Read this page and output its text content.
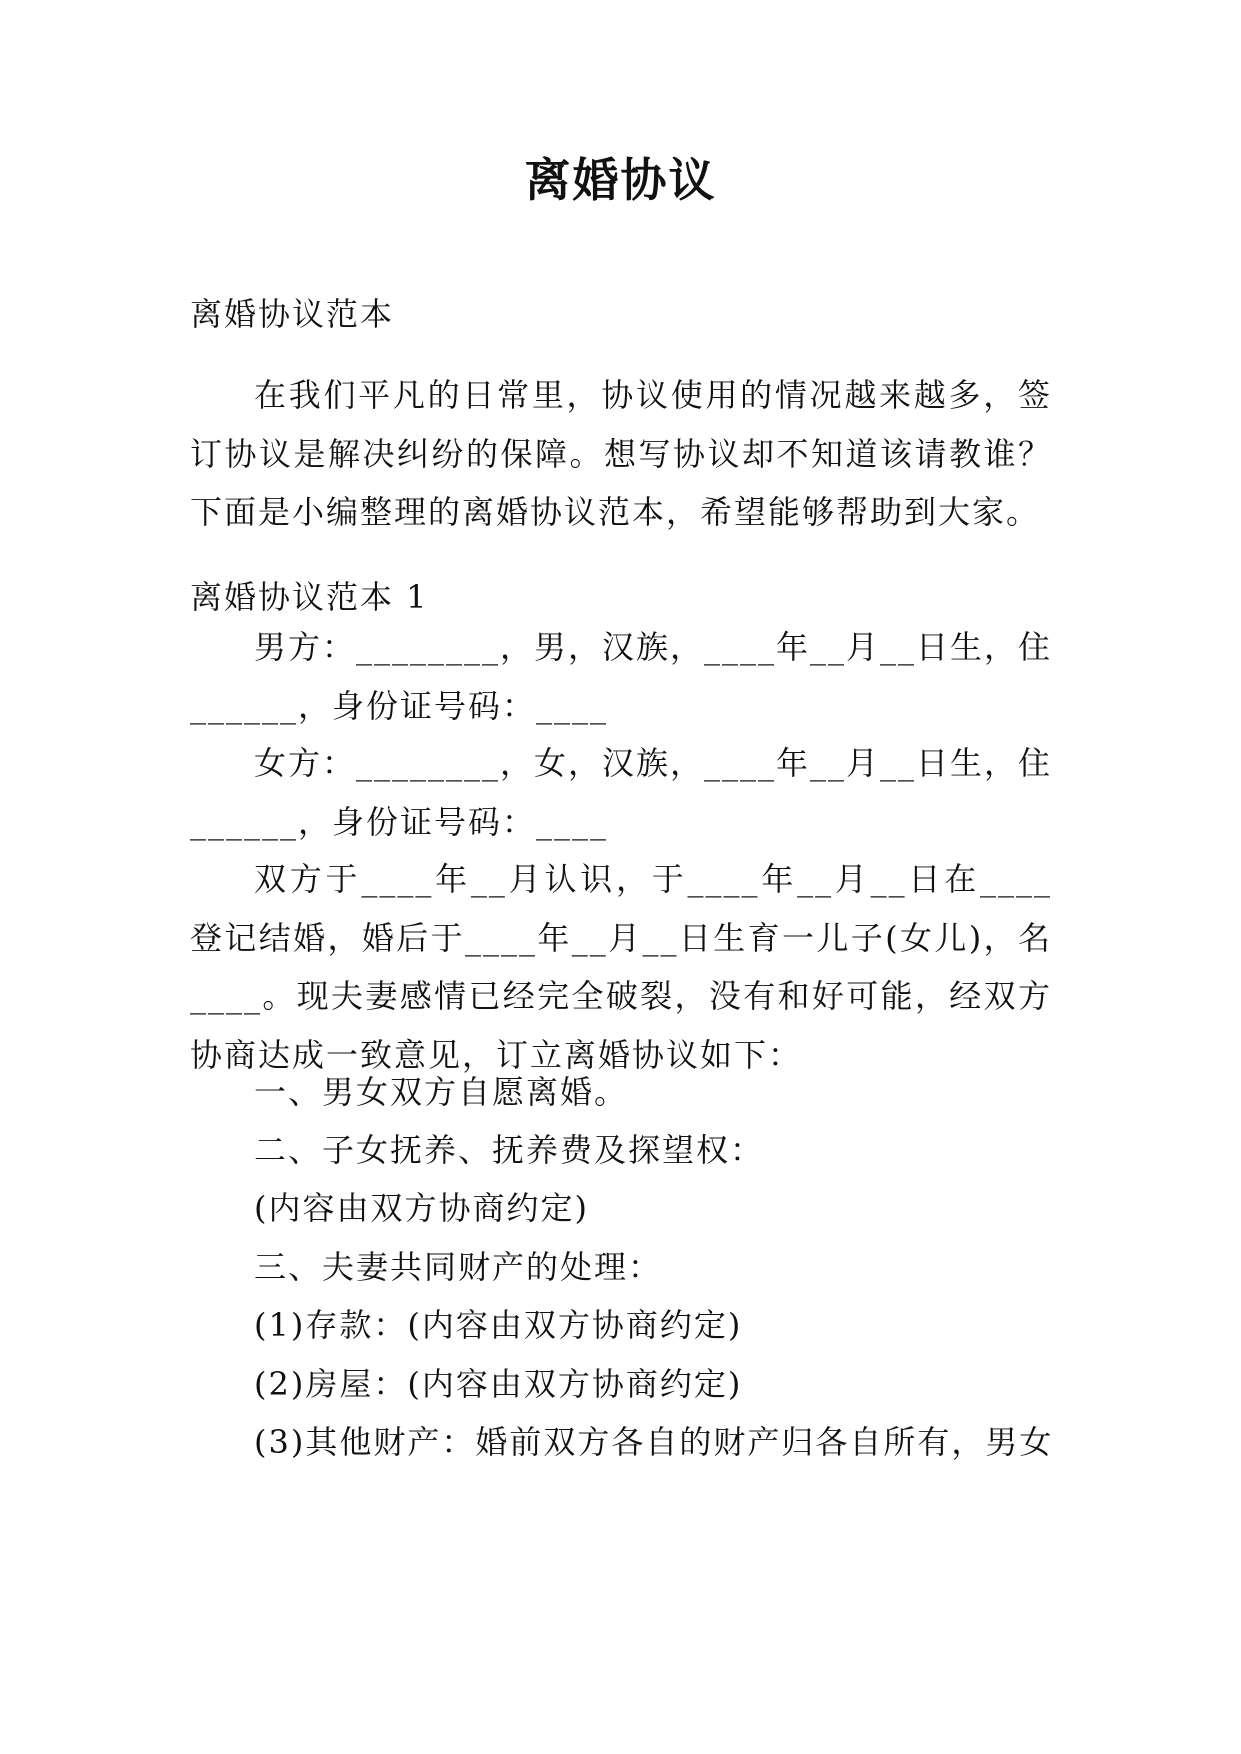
离婚协议
离婚协议范本

在我们平凡的日常里，协议使用的情况越来越多，签订协议是解决纠纷的保障。想写协议却不知道该请教谁？下面是小编整理的离婚协议范本，希望能够帮助到大家。

离婚协议范本 1

男方：________，男，汉族，____年__月__日生，住______，身份证号码：____

女方：________，女，汉族，____年__月__日生，住______，身份证号码：____

双方于____年__月认识，于____年__月__日在____登记结婚，婚后于____年__月__日生育一儿子(女儿)，名____。现夫妻感情已经完全破裂，没有和好可能，经双方协商达成一致意见，订立离婚协议如下：

一、男女双方自愿离婚。
二、子女抚养、抚养费及探望权：
(内容由双方协商约定)
三、夫妻共同财产的处理：
(1)存款：(内容由双方协商约定)
(2)房屋：(内容由双方协商约定)
(3)其他财产：婚前双方各自的财产归各自所有，男女
